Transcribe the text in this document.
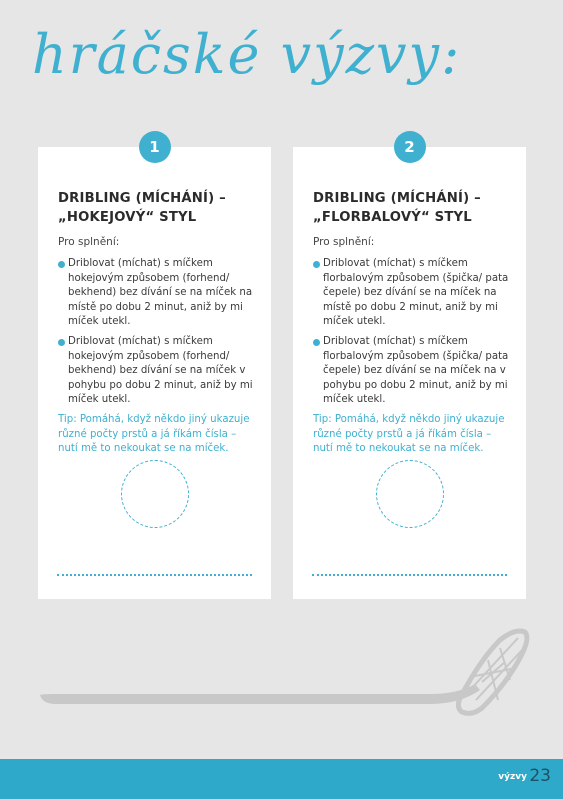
hráčské výzvy:
1
DRIBLING (MÍCHÁNÍ) –
„HOKEJOVÝ“ STYL
Pro splnění:
Driblovat (míchat) s míčkem hokejovým způsobem (forhend/ bekhend) bez dívání se na míček na místě po dobu 2 minut, aniž by mi míček utekl.
Driblovat (míchat) s míčkem hokejovým způsobem (forhend/ bekhend) bez dívání se na míček v pohybu po dobu 2 minut, aniž by mi míček utekl.
Tip: Pomáhá, když někdo jiný ukazuje různé počty prstů a já říkám čísla – nutí mě to nekoukat se na míček.
2
DRIBLING (MÍCHÁNÍ) –
„FLORBALOVÝ“ STYL
Pro splnění:
Driblovat (míchat) s míčkem florbalovým způsobem (špička/ pata čepele) bez dívání se na míček na místě po dobu 2 minut, aniž by mi míček utekl.
Driblovat (míchat) s míčkem florbalovým způsobem (špička/ pata čepele) bez dívání se na míček na v pohybu po dobu 2 minut, aniž by mi míček utekl.
Tip: Pomáhá, když někdo jiný ukazuje různé počty prstů a já říkám čísla – nutí mě to nekoukat se na míček.
výzvy 23
